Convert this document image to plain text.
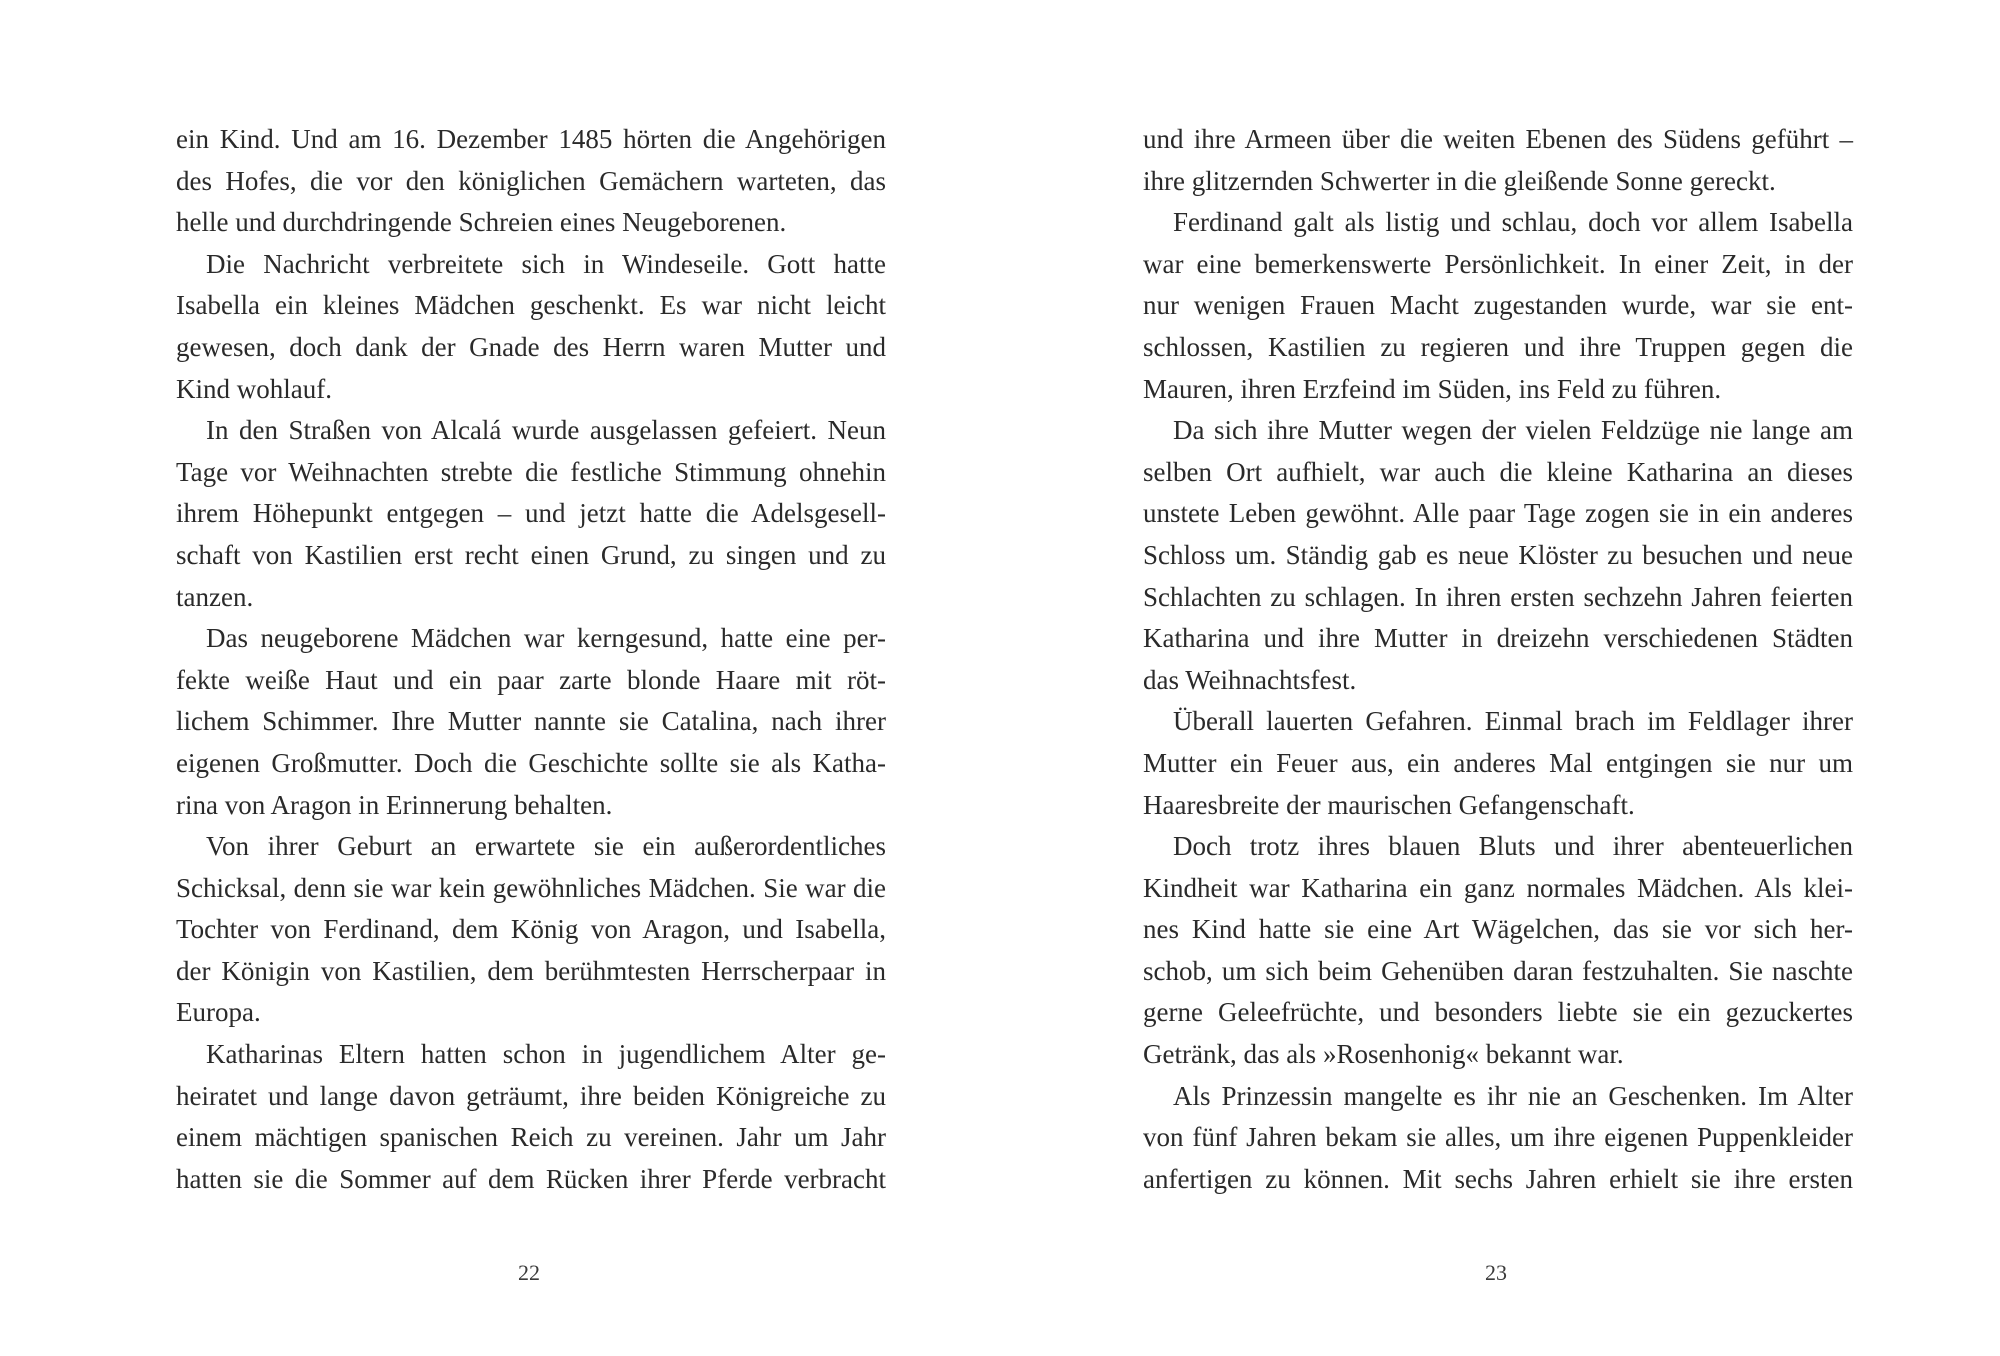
ein Kind. Und am 16. Dezember 1485 hörten die Angehörigen
des Hofes, die vor den königlichen Gemächern warteten, das
helle und durchdringende Schreien eines Neugeborenen.
Die Nachricht verbreitete sich in Windeseile. Gott hatte
Isabella ein kleines Mädchen geschenkt. Es war nicht leicht
gewesen, doch dank der Gnade des Herrn waren Mutter und
Kind wohlauf.
In den Straßen von Alcalá wurde ausgelassen gefeiert. Neun
Tage vor Weihnachten strebte die festliche Stimmung ohnehin
ihrem Höhepunkt entgegen – und jetzt hatte die Adelsgesell-
schaft von Kastilien erst recht einen Grund, zu singen und zu
tanzen.
Das neugeborene Mädchen war kerngesund, hatte eine per-
fekte weiße Haut und ein paar zarte blonde Haare mit röt-
lichem Schimmer. Ihre Mutter nannte sie Catalina, nach ihrer
eigenen Großmutter. Doch die Geschichte sollte sie als Katha-
rina von Aragon in Erinnerung behalten.
Von ihrer Geburt an erwartete sie ein außerordentliches
Schicksal, denn sie war kein gewöhnliches Mädchen. Sie war die
Tochter von Ferdinand, dem König von Aragon, und Isabella,
der Königin von Kastilien, dem berühmtesten Herrscherpaar in
Europa.
Katharinas Eltern hatten schon in jugendlichem Alter ge-
heiratet und lange davon geträumt, ihre beiden Königreiche zu
einem mächtigen spanischen Reich zu vereinen. Jahr um Jahr
hatten sie die Sommer auf dem Rücken ihrer Pferde verbracht
und ihre Armeen über die weiten Ebenen des Südens geführt –
ihre glitzernden Schwerter in die gleißende Sonne gereckt.
Ferdinand galt als listig und schlau, doch vor allem Isabella
war eine bemerkenswerte Persönlichkeit. In einer Zeit, in der
nur wenigen Frauen Macht zugestanden wurde, war sie ent-
schlossen, Kastilien zu regieren und ihre Truppen gegen die
Mauren, ihren Erzfeind im Süden, ins Feld zu führen.
Da sich ihre Mutter wegen der vielen Feldzüge nie lange am
selben Ort aufhielt, war auch die kleine Katharina an dieses
unstete Leben gewöhnt. Alle paar Tage zogen sie in ein anderes
Schloss um. Ständig gab es neue Klöster zu besuchen und neue
Schlachten zu schlagen. In ihren ersten sechzehn Jahren feierten
Katharina und ihre Mutter in dreizehn verschiedenen Städten
das Weihnachtsfest.
Überall lauerten Gefahren. Einmal brach im Feldlager ihrer
Mutter ein Feuer aus, ein anderes Mal entgingen sie nur um
Haaresbreite der maurischen Gefangenschaft.
Doch trotz ihres blauen Bluts und ihrer abenteuerlichen
Kindheit war Katharina ein ganz normales Mädchen. Als klei-
nes Kind hatte sie eine Art Wägelchen, das sie vor sich her-
schob, um sich beim Gehenüben daran festzuhalten. Sie naschte
gerne Geleefrüchte, und besonders liebte sie ein gezuckertes
Getränk, das als »Rosenhonig« bekannt war.
Als Prinzessin mangelte es ihr nie an Geschenken. Im Alter
von fünf Jahren bekam sie alles, um ihre eigenen Puppenkleider
anfertigen zu können. Mit sechs Jahren erhielt sie ihre ersten
22	23
